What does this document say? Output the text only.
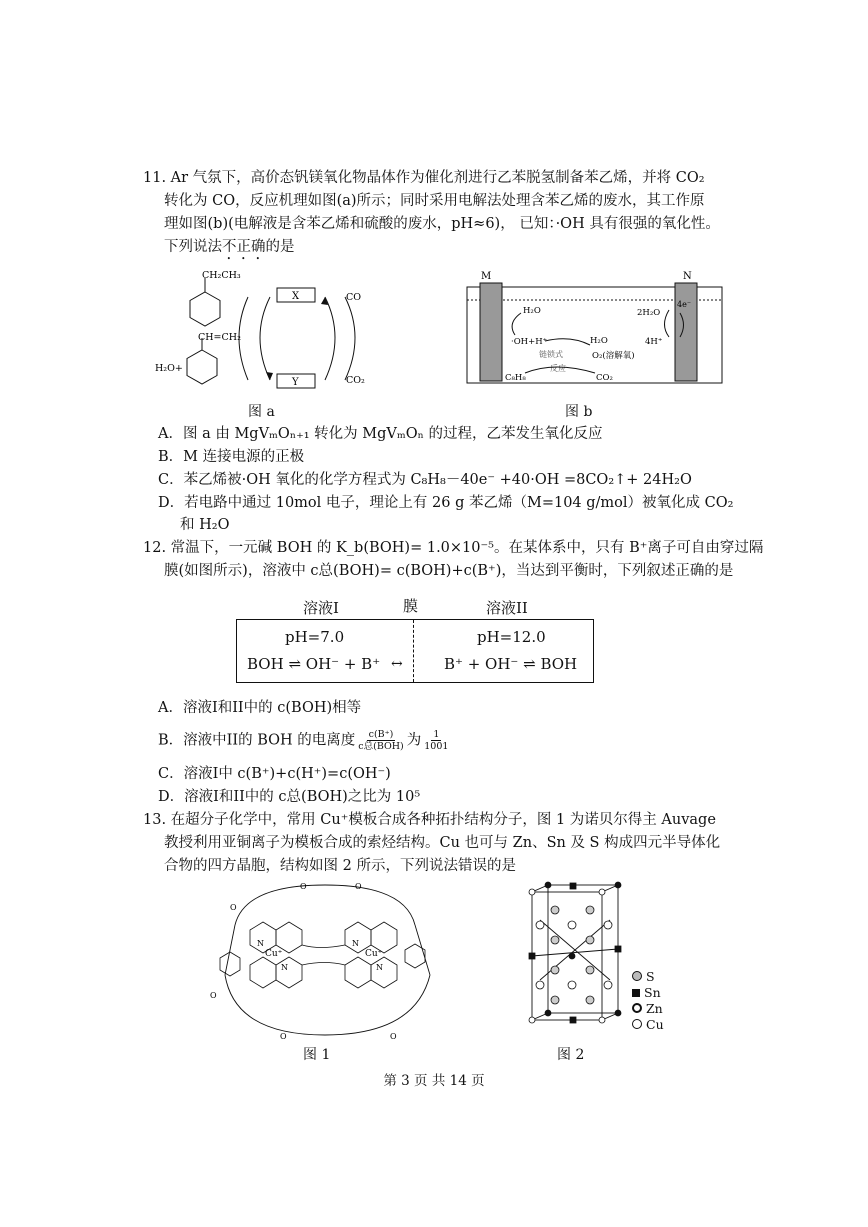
11. Ar 气氛下，高价态钒镁氧化物晶体作为催化剂进行乙苯脱氢制备苯乙烯，并将 CO₂
转化为 CO，反应机理如图(a)所示；同时采用电解法处理含苯乙烯的废水，其工作原
理如图(b)(电解液是含苯乙烯和硫酸的废水，pH≈6)， 已知：·OH 具有很强的氧化性。
下列说法不正确的是
CH₂CH₃
CH=CH₂
H₂O+
X
Y
CO
CO₂
图 a
M	N
H₂O
·OH+H⁺
链锁式
反应
C₈H₈
H₂O
O₂(溶解氧)
CO₂
2H₂O
4H⁺
4e⁻
图 b
A．图 a 由 MgVₘOₙ₊₁ 转化为 MgVₘOₙ 的过程，乙苯发生氧化反应
B．M 连接电源的正极
C．苯乙烯被·OH 氧化的化学方程式为 C₈H₈－40e⁻ +40·OH =8CO₂↑+ 24H₂O
D．若电路中通过 10mol 电子，理论上有 26 g 苯乙烯（M=104 g/mol）被氧化成 CO₂
和 H₂O
12. 常温下，一元碱 BOH 的 K_b(BOH)= 1.0×10⁻⁵。在某体系中，只有 B⁺离子可自由穿过隔
膜(如图所示)，溶液中 c总(BOH)= c(BOH)+c(B⁺)，当达到平衡时，下列叙述正确的是
溶液I	膜	溶液II
pH=7.0	pH=12.0
BOH ⇌ OH⁻ + B⁺ ↔	B⁺ + OH⁻ ⇌ BOH
A．溶液I和II中的 c(BOH)相等
B．溶液中II的 BOH 的电离度 $\frac{c(B^+)}{\text{c总(BOH)}}$ 为 $\frac{1}{1001}$
C．溶液I中 c(B⁺)+c(H⁺)=c(OH⁻)
D．溶液I和II中的 c总(BOH)之比为 10⁵
13. 在超分子化学中，常用 Cu⁺模板合成各种拓扑结构分子，图 1 为诺贝尔得主 Auvage
教授利用亚铜离子为模板合成的索烃结构。Cu 也可与 Zn、Sn 及 S 构成四元半导体化
合物的四方晶胞，结构如图 2 所示，下列说法错误的是
Cu⁺	Cu⁺
N
N
N
N
O
O	O
O
O	O
图 1
S
Sn
Zn
Cu
图 2
第 3 页 共 14 页
